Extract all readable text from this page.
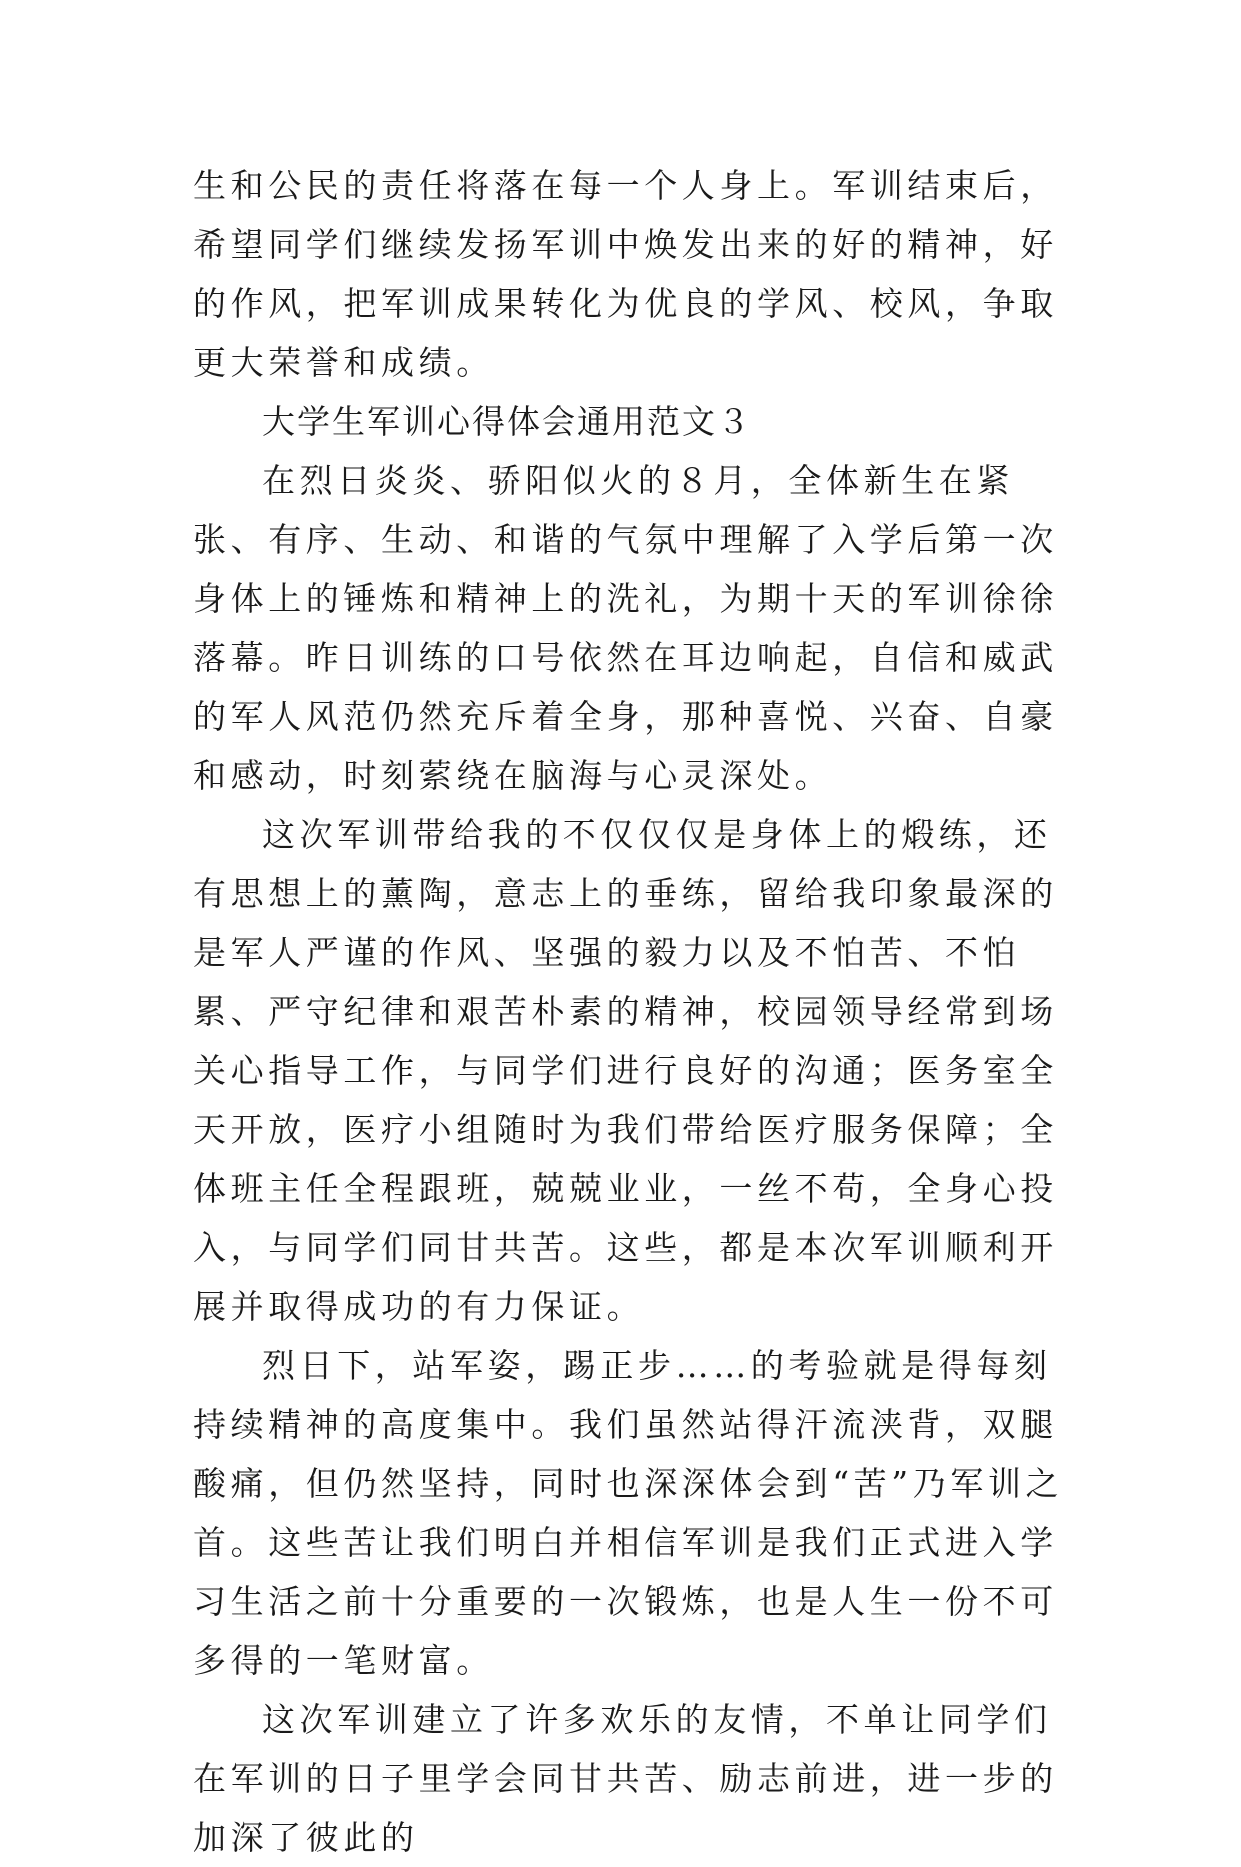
生和公民的责任将落在每一个人身上。军训结束后，希望同学们继续发扬军训中焕发出来的好的精神，好的作风，把军训成果转化为优良的学风、校风，争取更大荣誉和成绩。

大学生军训心得体会通用范文３

在烈日炎炎、骄阳似火的８月，全体新生在紧张、有序、生动、和谐的气氛中理解了入学后第一次身体上的锤炼和精神上的洗礼，为期十天的军训徐徐落幕。昨日训练的口号依然在耳边响起，自信和威武的军人风范仍然充斥着全身，那种喜悦、兴奋、自豪和感动，时刻萦绕在脑海与心灵深处。

这次军训带给我的不仅仅仅是身体上的煅练，还有思想上的薰陶，意志上的垂练，留给我印象最深的是军人严谨的作风、坚强的毅力以及不怕苦、不怕累、严守纪律和艰苦朴素的精神，校园领导经常到场关心指导工作，与同学们进行良好的沟通；医务室全天开放，医疗小组随时为我们带给医疗服务保障；全体班主任全程跟班，兢兢业业，一丝不苟，全身心投入，与同学们同甘共苦。这些，都是本次军训顺利开展并取得成功的有力保证。

烈日下，站军姿，踢正步……的考验就是得每刻持续精神的高度集中。我们虽然站得汗流浃背，双腿酸痛，但仍然坚持，同时也深深体会到“苦”乃军训之首。这些苦让我们明白并相信军训是我们正式进入学习生活之前十分重要的一次锻炼，也是人生一份不可多得的一笔财富。

这次军训建立了许多欢乐的友情，不单让同学们在军训的日子里学会同甘共苦、励志前进，进一步的加深了彼此的
